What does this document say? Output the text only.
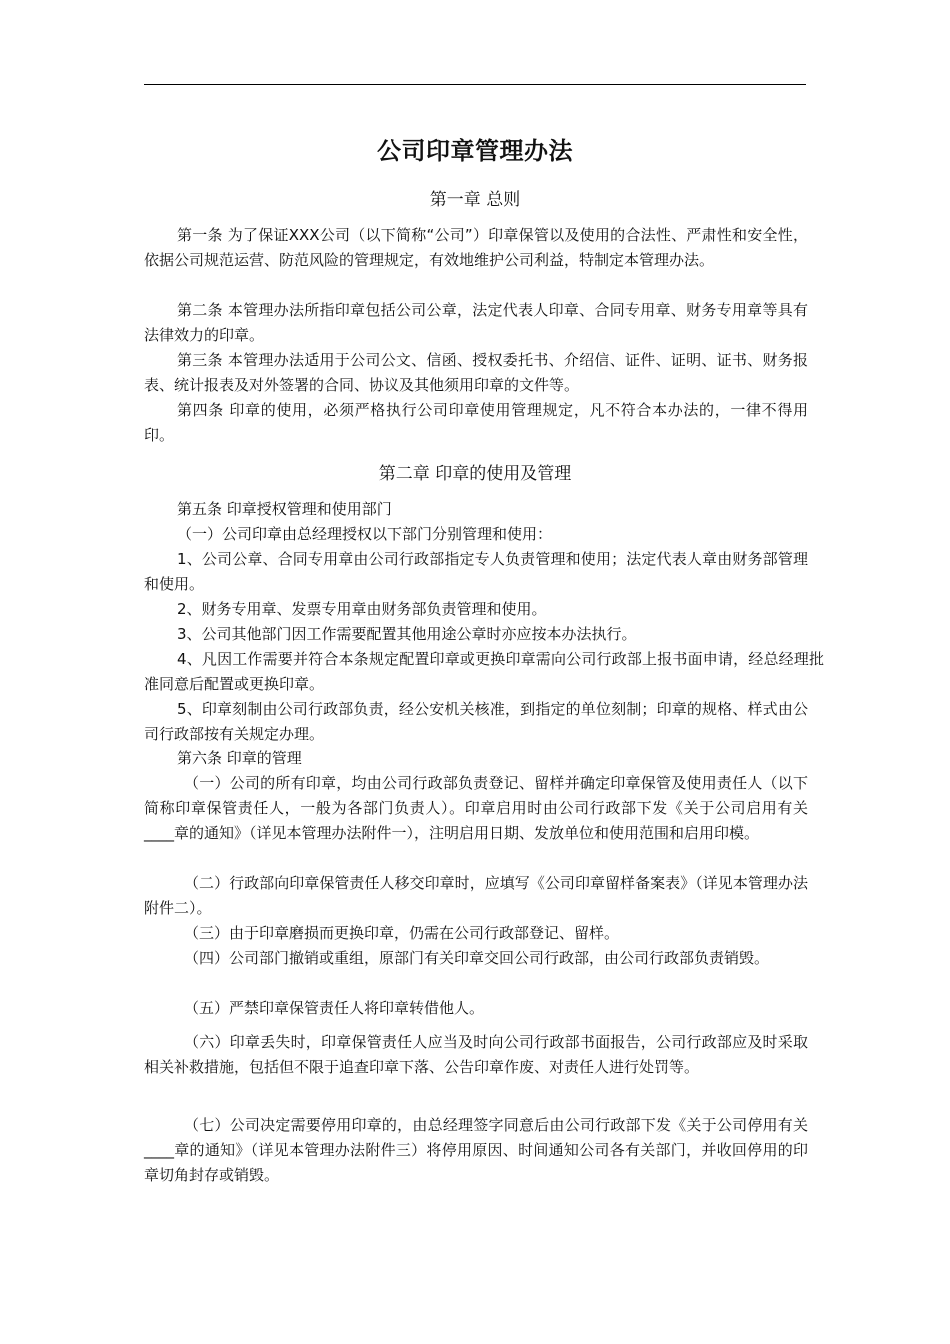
公司印章管理办法
第一章 总则

第一条 为了保证XXX公司（以下简称“公司”）印章保管以及使用的合法性、严肃性和安全性，依据公司规范运营、防范风险的管理规定，有效地维护公司利益，特制定本管理办法。

第二条 本管理办法所指印章包括公司公章，法定代表人印章、合同专用章、财务专用章等具有法律效力的印章。

第三条 本管理办法适用于公司公文、信函、授权委托书、介绍信、证件、证明、证书、财务报表、统计报表及对外签署的合同、协议及其他须用印章的文件等。

第四条 印章的使用，必须严格执行公司印章使用管理规定，凡不符合本办法的，一律不得用印。

第二章 印章的使用及管理

第五条 印章授权管理和使用部门

（一）公司印章由总经理授权以下部门分别管理和使用：

1、公司公章、合同专用章由公司行政部指定专人负责管理和使用；法定代表人章由财务部管理和使用。

2、财务专用章、发票专用章由财务部负责管理和使用。

3、公司其他部门因工作需要配置其他用途公章时亦应按本办法执行。

4、凡因工作需要并符合本条规定配置印章或更换印章需向公司行政部上报书面申请，经总经理批准同意后配置或更换印章。

5、印章刻制由公司行政部负责，经公安机关核准，到指定的单位刻制；印章的规格、样式由公司行政部按有关规定办理。

第六条 印章的管理

（一）公司的所有印章，均由公司行政部负责登记、留样并确定印章保管及使用责任人（以下简称印章保管责任人，一般为各部门负责人）。印章启用时由公司行政部下发《关于公司启用有关____章的通知》（详见本管理办法附件一），注明启用日期、发放单位和使用范围和启用印模。

（二）行政部向印章保管责任人移交印章时，应填写《公司印章留样备案表》（详见本管理办法附件二）。

（三）由于印章磨损而更换印章，仍需在公司行政部登记、留样。

（四）公司部门撤销或重组，原部门有关印章交回公司行政部，由公司行政部负责销毁。

（五）严禁印章保管责任人将印章转借他人。

（六）印章丢失时，印章保管责任人应当及时向公司行政部书面报告，公司行政部应及时采取相关补救措施，包括但不限于追查印章下落、公告印章作废、对责任人进行处罚等。

（七）公司决定需要停用印章的，由总经理签字同意后由公司行政部下发《关于公司停用有关____章的通知》（详见本管理办法附件三）将停用原因、时间通知公司各有关部门，并收回停用的印章切角封存或销毁。
